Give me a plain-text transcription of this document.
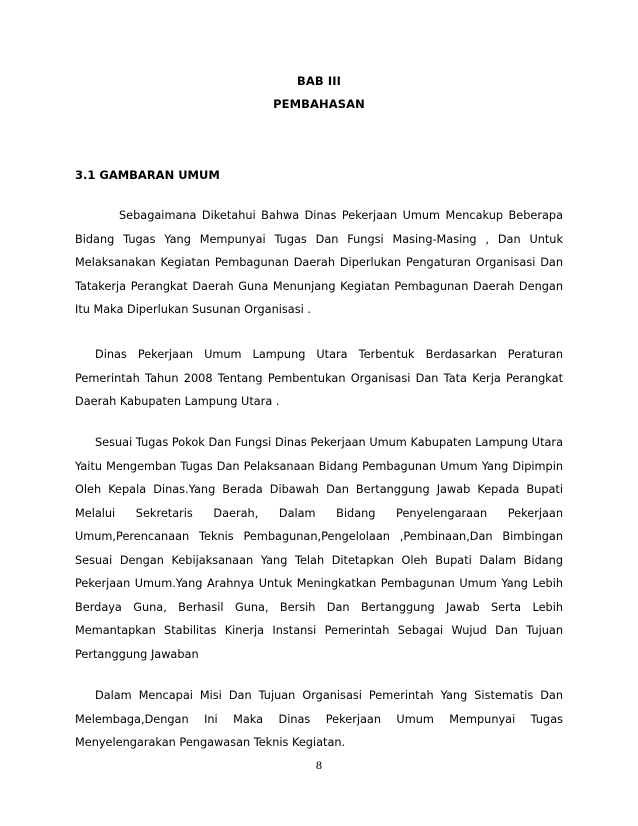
BAB III
PEMBAHASAN
3.1 GAMBARAN UMUM

Sebagaimana Diketahui Bahwa Dinas Pekerjaan Umum Mencakup Beberapa Bidang Tugas Yang Mempunyai Tugas Dan Fungsi Masing-Masing , Dan Untuk Melaksanakan Kegiatan Pembagunan Daerah Diperlukan Pengaturan Organisasi Dan Tatakerja Perangkat Daerah Guna Menunjang Kegiatan Pembagunan Daerah Dengan Itu Maka Diperlukan Susunan Organisasi .

Dinas Pekerjaan Umum Lampung Utara Terbentuk Berdasarkan Peraturan Pemerintah Tahun 2008 Tentang Pembentukan Organisasi Dan Tata Kerja Perangkat Daerah Kabupaten Lampung Utara .

Sesuai Tugas Pokok Dan Fungsi Dinas Pekerjaan Umum Kabupaten Lampung Utara Yaitu Mengemban Tugas Dan Pelaksanaan Bidang Pembagunan Umum Yang Dipimpin Oleh Kepala Dinas.Yang Berada Dibawah Dan Bertanggung Jawab Kepada Bupati Melalui Sekretaris Daerah, Dalam Bidang Penyelengaraan Pekerjaan Umum,Perencanaan Teknis Pembagunan,Pengelolaan ,Pembinaan,Dan Bimbingan Sesuai Dengan Kebijaksanaan Yang Telah Ditetapkan Oleh Bupati Dalam Bidang Pekerjaan Umum.Yang Arahnya Untuk Meningkatkan Pembagunan Umum Yang Lebih Berdaya Guna, Berhasil Guna, Bersih Dan Bertanggung Jawab Serta Lebih Memantapkan Stabilitas Kinerja Instansi Pemerintah Sebagai Wujud Dan Tujuan Pertanggung Jawaban

Dalam Mencapai Misi Dan Tujuan Organisasi Pemerintah Yang Sistematis Dan Melembaga,Dengan Ini Maka Dinas Pekerjaan Umum Mempunyai Tugas Menyelengarakan Pengawasan Teknis Kegiatan.

8
